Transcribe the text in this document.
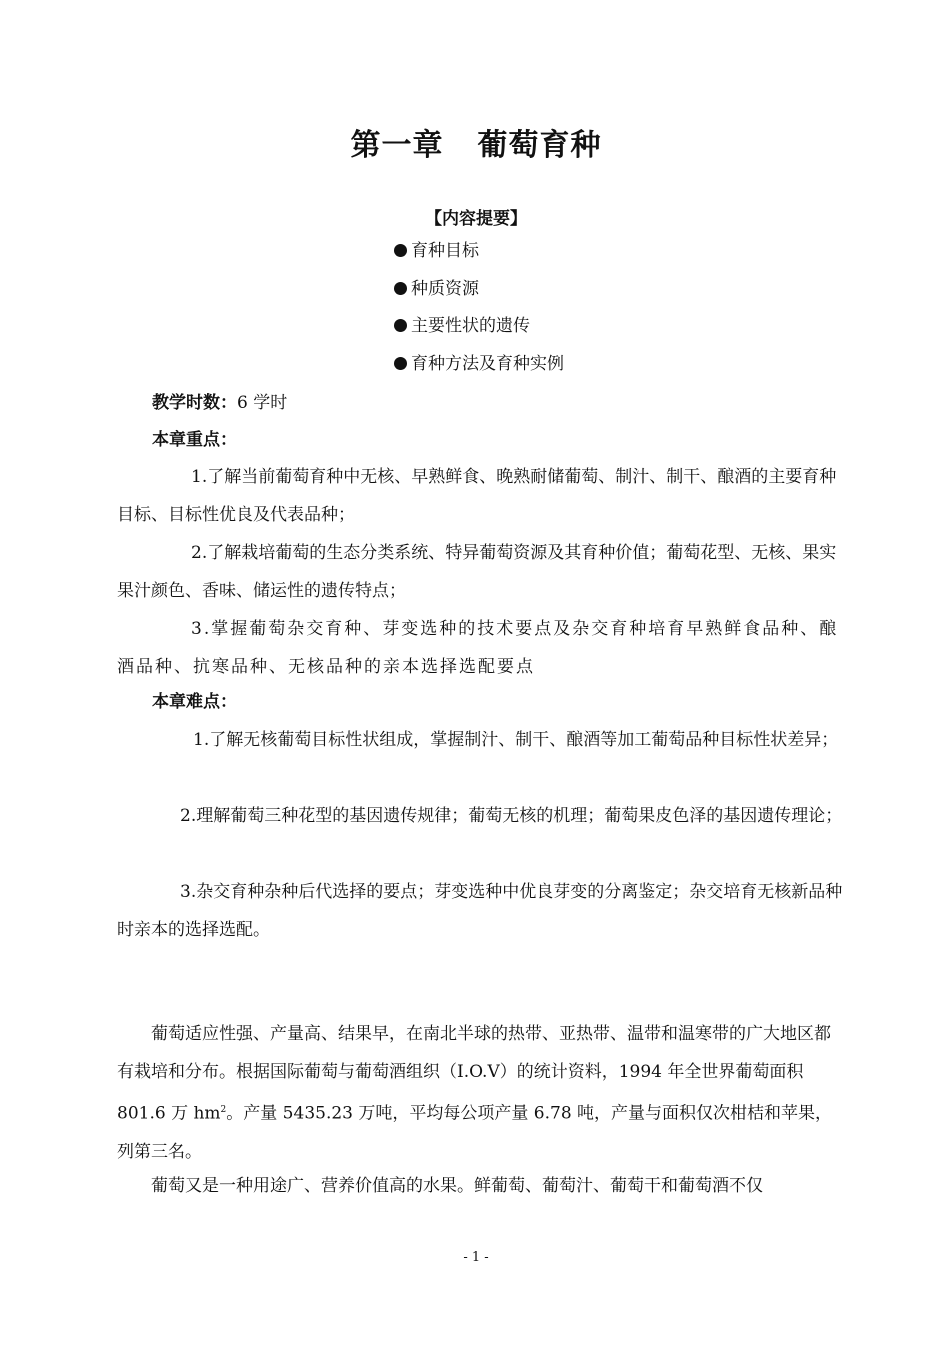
第一章 葡萄育种
【内容提要】
育种目标
种质资源
主要性状的遗传
育种方法及育种实例
教学时数：6 学时
本章重点：

1.了解当前葡萄育种中无核、早熟鲜食、晚熟耐储葡萄、制汁、制干、酿酒的主要育种目标、目标性优良及代表品种；

2.了解栽培葡萄的生态分类系统、特异葡萄资源及其育种价值；葡萄花型、无核、果实果汁颜色、香味、储运性的遗传特点；

3.掌握葡萄杂交育种、芽变选种的技术要点及杂交育种培育早熟鲜食品种、酿酒品种、抗寒品种、无核品种的亲本选择选配要点

本章难点：

1.了解无核葡萄目标性状组成，掌握制汁、制干、酿酒等加工葡萄品种目标性状差异；

2.理解葡萄三种花型的基因遗传规律；葡萄无核的机理；葡萄果皮色泽的基因遗传理论；

3.杂交育种杂种后代选择的要点；芽变选种中优良芽变的分离鉴定；杂交培育无核新品种时亲本的选择选配。

葡萄适应性强、产量高、结果早，在南北半球的热带、亚热带、温带和温寒带的广大地区都有栽培和分布。根据国际葡萄与葡萄酒组织（I.O.V）的统计资料，1994 年全世界葡萄面积 801.6 万 $hm^2$。产量 5435.23 万吨，平均每公项产量 6.78 吨，产量与面积仅次柑桔和苹果，列第三名。

葡萄又是一种用途广、营养价值高的水果。鲜葡萄、葡萄汁、葡萄干和葡萄酒不仅

- 1 -
